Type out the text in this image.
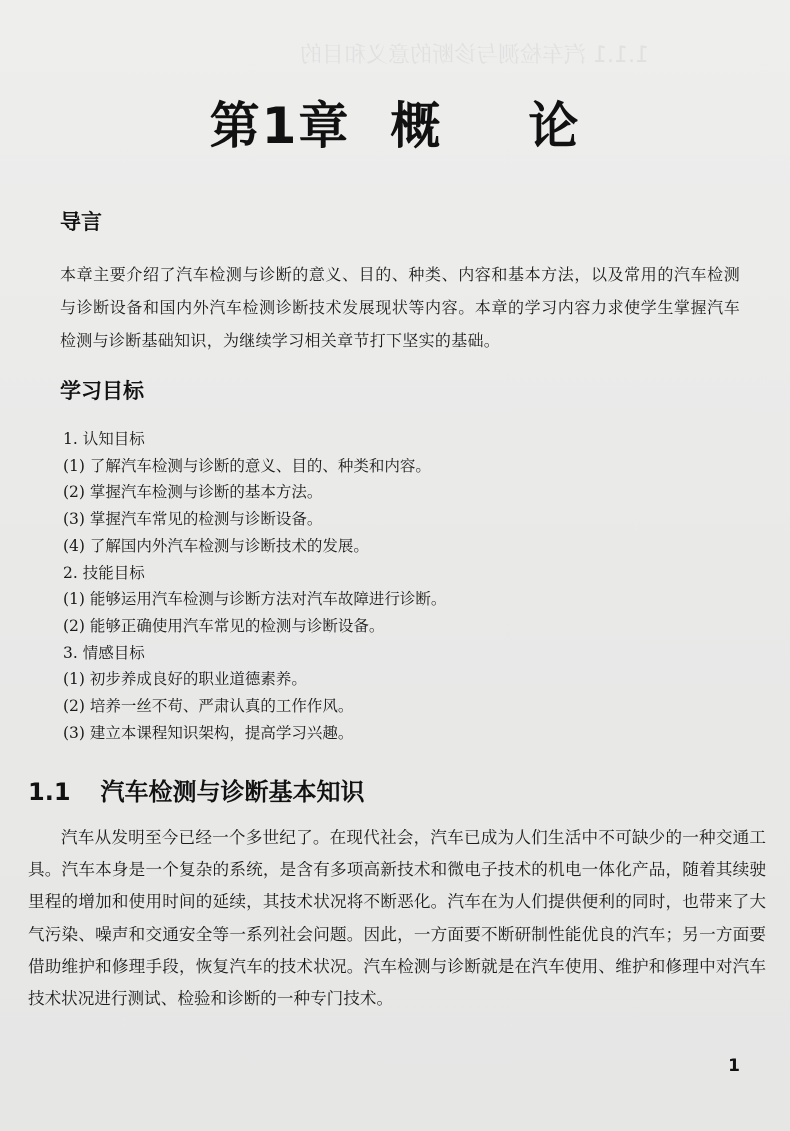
1.1.1 汽车检测与诊断的意义和目的
第1章 概 论
导言
本章主要介绍了汽车检测与诊断的意义、目的、种类、内容和基本方法，以及常用的汽车检测与诊断设备和国内外汽车检测诊断技术发展现状等内容。本章的学习内容力求使学生掌握汽车检测与诊断基础知识，为继续学习相关章节打下坚实的基础。
学习目标
1. 认知目标
(1) 了解汽车检测与诊断的意义、目的、种类和内容。
(2) 掌握汽车检测与诊断的基本方法。
(3) 掌握汽车常见的检测与诊断设备。
(4) 了解国内外汽车检测与诊断技术的发展。
2. 技能目标
(1) 能够运用汽车检测与诊断方法对汽车故障进行诊断。
(2) 能够正确使用汽车常见的检测与诊断设备。
3. 情感目标
(1) 初步养成良好的职业道德素养。
(2) 培养一丝不苟、严肃认真的工作作风。
(3) 建立本课程知识架构，提高学习兴趣。
1.1 汽车检测与诊断基本知识
汽车从发明至今已经一个多世纪了。在现代社会，汽车已成为人们生活中不可缺少的一种交通工具。汽车本身是一个复杂的系统，是含有多项高新技术和微电子技术的机电一体化产品，随着其续驶里程的增加和使用时间的延续，其技术状况将不断恶化。汽车在为人们提供便利的同时，也带来了大气污染、噪声和交通安全等一系列社会问题。因此，一方面要不断研制性能优良的汽车；另一方面要借助维护和修理手段，恢复汽车的技术状况。汽车检测与诊断就是在汽车使用、维护和修理中对汽车技术状况进行测试、检验和诊断的一种专门技术。
1
